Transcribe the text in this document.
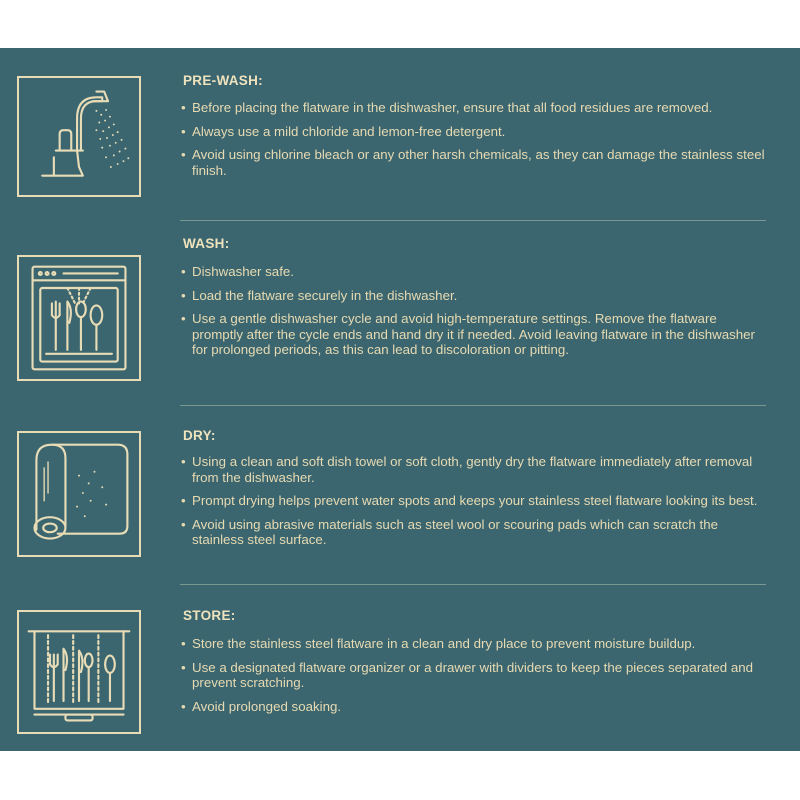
PRE-WASH:
• Before placing the flatware in the dishwasher, ensure that all food residues are removed.
• Always use a mild chloride and lemon-free detergent.
• Avoid using chlorine bleach or any other harsh chemicals, as they can damage the stainless steel finish.
WASH:
• Dishwasher safe.
• Load the flatware securely in the dishwasher.
• Use a gentle dishwasher cycle and avoid high-temperature settings. Remove the flatware promptly after the cycle ends and hand dry it if needed. Avoid leaving flatware in the dishwasher for prolonged periods, as this can lead to discoloration or pitting.
DRY:
• Using a clean and soft dish towel or soft cloth, gently dry the flatware immediately after removal from the dishwasher.
• Prompt drying helps prevent water spots and keeps your stainless steel flatware looking its best.
• Avoid using abrasive materials such as steel wool or scouring pads which can scratch the stainless steel surface.
STORE:
• Store the stainless steel flatware in a clean and dry place to prevent moisture buildup.
• Use a designated flatware organizer or a drawer with dividers to keep the pieces separated and prevent scratching.
• Avoid prolonged soaking.
